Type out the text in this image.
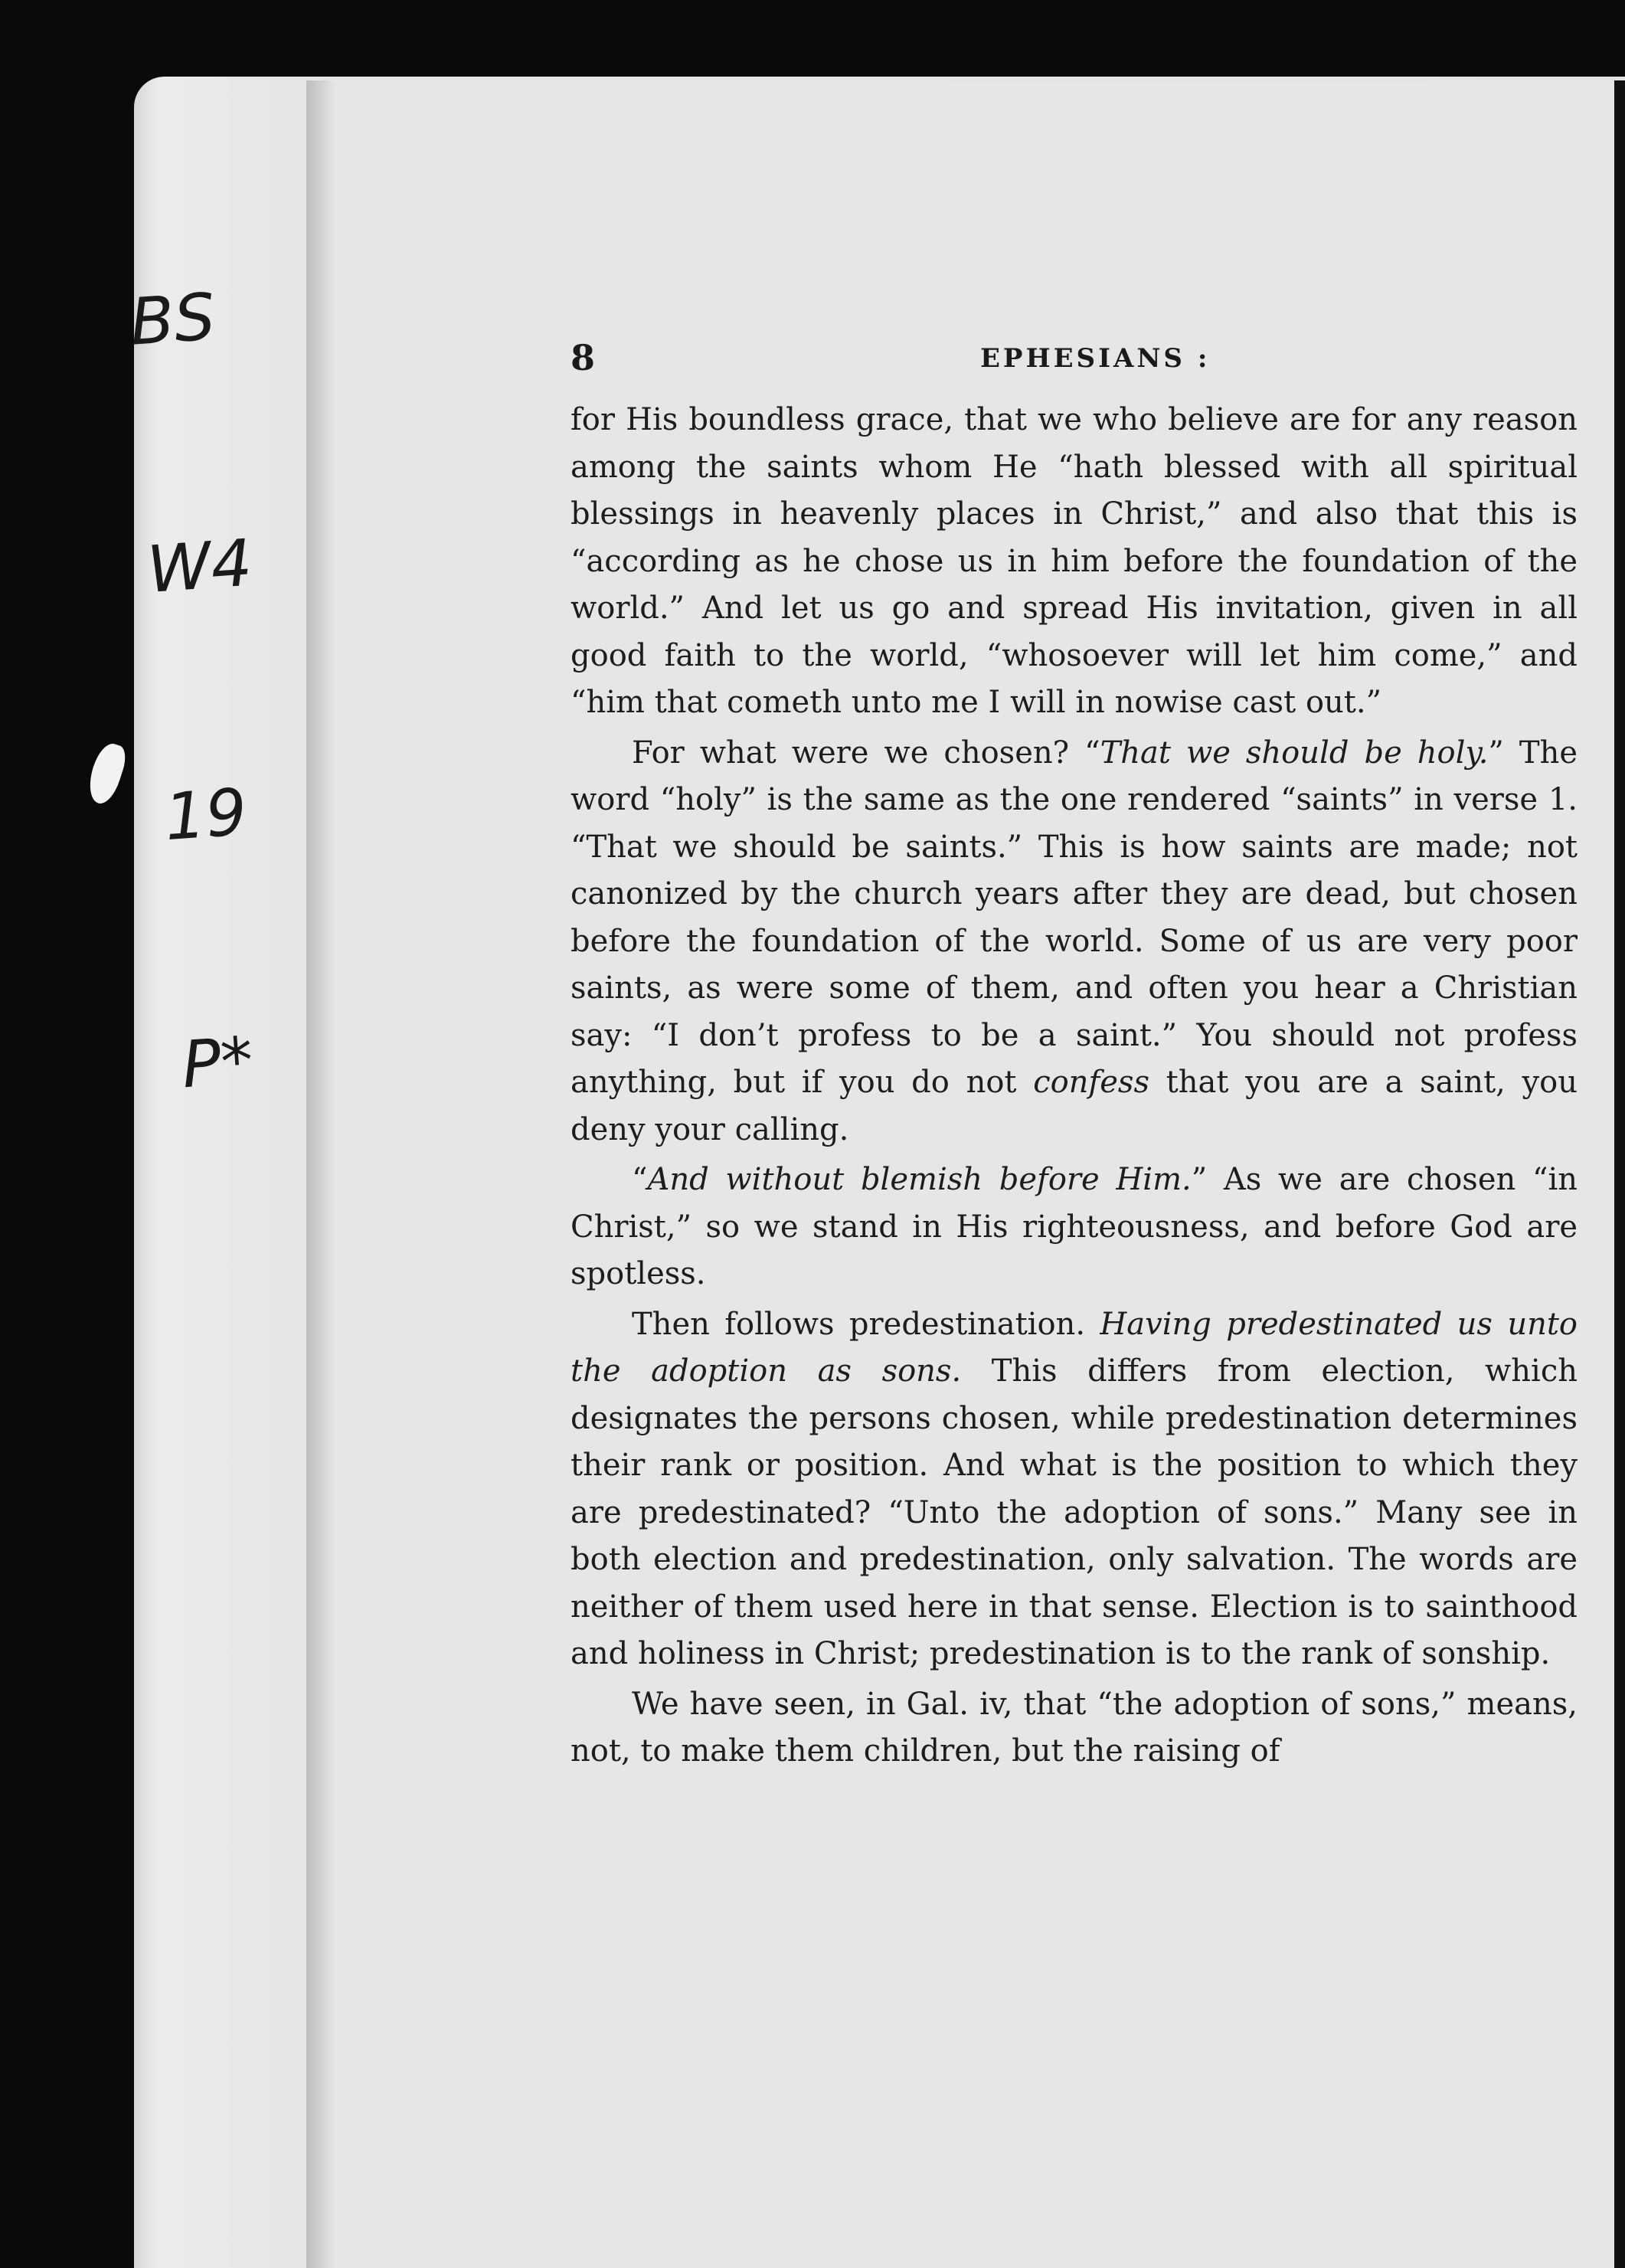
BS

W4

19

P*

8	EPHESIANS :

for His boundless grace, that we who believe are for any reason among the saints whom He “hath blessed with all spiritual blessings in heavenly places in Christ,” and also that this is “according as he chose us in him before the foundation of the world.” And let us go and spread His invitation, given in all good faith to the world, “whosoever will let him come,” and “him that cometh unto me I will in nowise cast out.”

For what were we chosen? “That we should be holy.” The word “holy” is the same as the one rendered “saints” in verse 1. “That we should be saints.” This is how saints are made; not canonized by the church years after they are dead, but chosen before the foundation of the world. Some of us are very poor saints, as were some of them, and often you hear a Christian say: “I don’t profess to be a saint.” You should not profess anything, but if you do not confess that you are a saint, you deny your calling.

“And without blemish before Him.” As we are chosen “in Christ,” so we stand in His righteousness, and before God are spotless.

Then follows predestination. Having predestinated us unto the adoption as sons. This differs from election, which designates the persons chosen, while predestination determines their rank or position. And what is the position to which they are predestinated? “Unto the adoption of sons.” Many see in both election and predestination, only salvation. The words are neither of them used here in that sense. Election is to sainthood and holiness in Christ; predestination is to the rank of sonship.

We have seen, in Gal. iv, that “the adoption of sons,” means, not, to make them children, but the raising of
